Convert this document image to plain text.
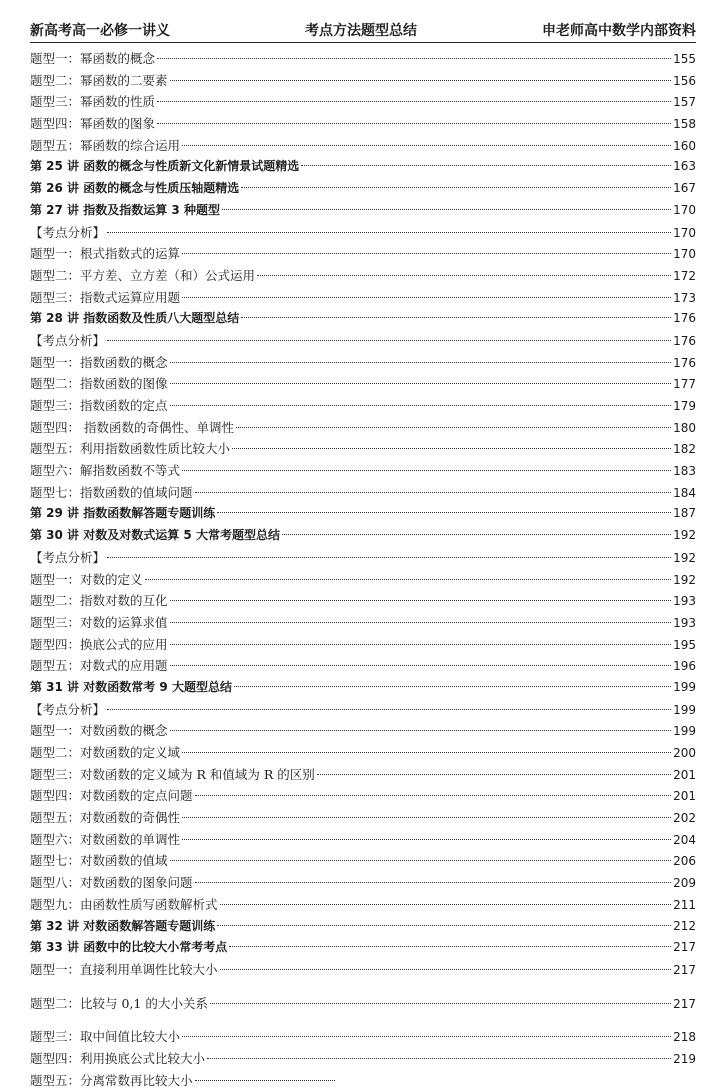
新高考高一必修一讲义	考点方法题型总结	申老师高中数学内部资料
题型一：幂函数的概念	155
题型二：幂函数的二要素	156
题型三：幂函数的性质	157
题型四：幂函数的图象	158
题型五：幂函数的综合运用	160
第 25 讲 函数的概念与性质新文化新情景试题精选	163
第 26 讲 函数的概念与性质压轴题精选	167
第 27 讲 指数及指数运算 3 种题型	170
【考点分析】	170
题型一：根式指数式的运算	170
题型二：平方差、立方差（和）公式运用	172
题型三：指数式运算应用题	173
第 28 讲 指数函数及性质八大题型总结	176
【考点分析】	176
题型一：指数函数的概念	176
题型二：指数函数的图像	177
题型三：指数函数的定点	179
题型四： 指数函数的奇偶性、单调性	180
题型五：利用指数函数性质比较大小	182
题型六：解指数函数不等式	183
题型七：指数函数的值域问题	184
第 29 讲 指数函数解答题专题训练	187
第 30 讲 对数及对数式运算 5 大常考题型总结	192
【考点分析】	192
题型一：对数的定义	192
题型二：指数对数的互化	193
题型三：对数的运算求值	193
题型四：换底公式的应用	195
题型五：对数式的应用题	196
第 31 讲 对数函数常考 9 大题型总结	199
【考点分析】	199
题型一：对数函数的概念	199
题型二：对数函数的定义域	200
题型三：对数函数的定义域为 R 和值域为 R 的区别	201
题型四：对数函数的定点问题	201
题型五：对数函数的奇偶性	202
题型六：对数函数的单调性	204
题型七：对数函数的值域	206
题型八：对数函数的图象问题	209
题型九：由函数性质写函数解析式	211
第 32 讲 对数函数解答题专题训练	212
第 33 讲 函数中的比较大小常考考点	217
题型一：直接利用单调性比较大小	217
题型二：比较与 0,1 的大小关系	217
题型三：取中间值比较大小	218
题型四：利用换底公式比较大小	219
题型五：分离常数再比较大小
